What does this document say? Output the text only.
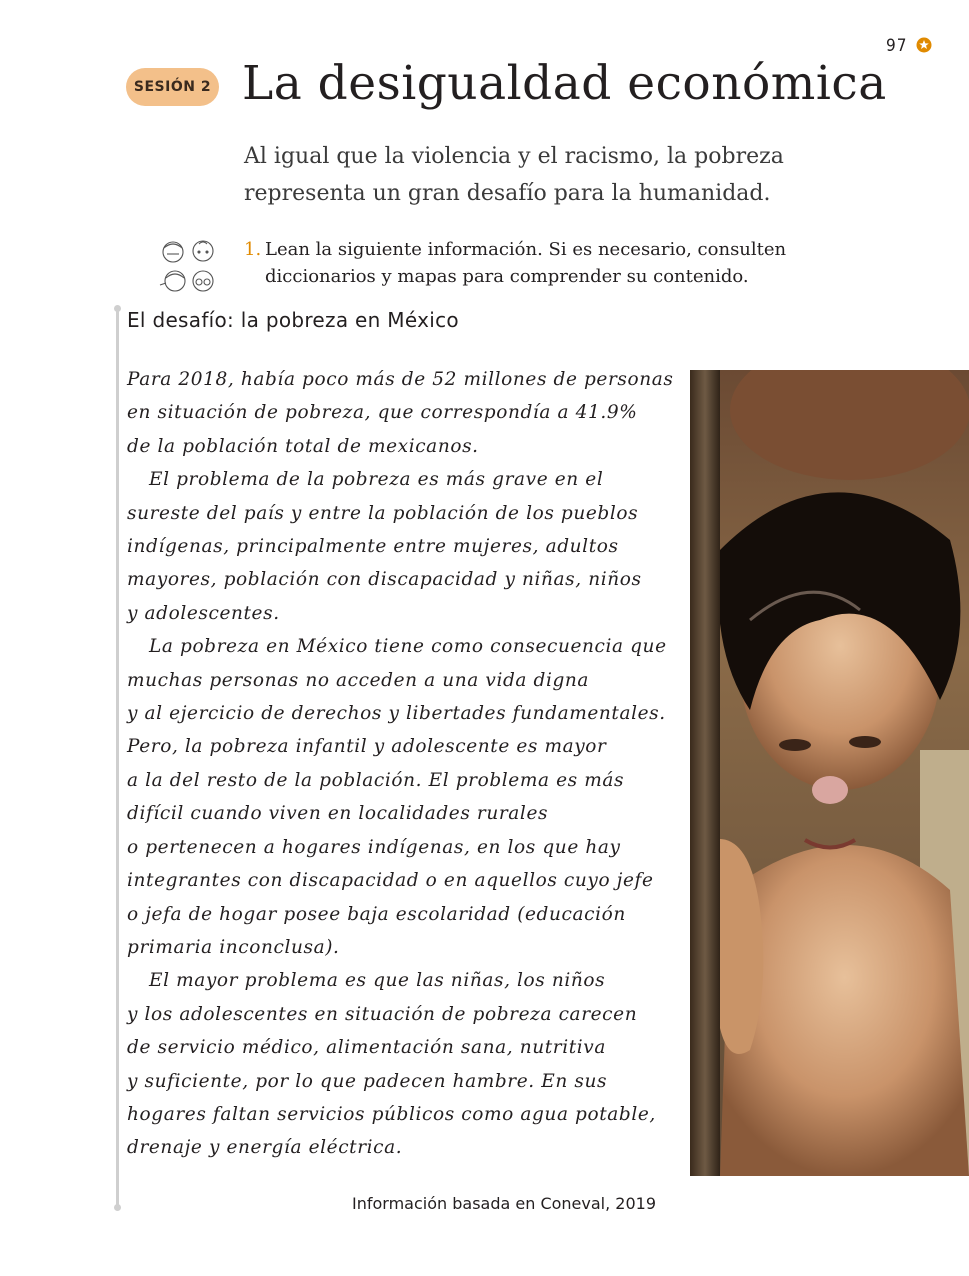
97
SESIÓN 2 La desigualdad económica
Al igual que la violencia y el racismo, la pobreza
representa un gran desafío para la humanidad.
1. Lean la siguiente información. Si es necesario, consulten
diccionarios y mapas para comprender su contenido.
El desafío: la pobreza en México
Para 2018, había poco más de 52 millones de personas
en situación de pobreza, que correspondía a 41.9%
de la población total de mexicanos.
El problema de la pobreza es más grave en el
sureste del país y entre la población de los pueblos
indígenas, principalmente entre mujeres, adultos
mayores, población con discapacidad y niñas, niños
y adolescentes.
La pobreza en México tiene como consecuencia que
muchas personas no acceden a una vida digna
y al ejercicio de derechos y libertades fundamentales.
Pero, la pobreza infantil y adolescente es mayor
a la del resto de la población. El problema es más
difícil cuando viven en localidades rurales
o pertenecen a hogares indígenas, en los que hay
integrantes con discapacidad o en aquellos cuyo jefe
o jefa de hogar posee baja escolaridad (educación
primaria inconclusa).
El mayor problema es que las niñas, los niños
y los adolescentes en situación de pobreza carecen
de servicio médico, alimentación sana, nutritiva
y suficiente, por lo que padecen hambre. En sus
hogares faltan servicios públicos como agua potable,
drenaje y energía eléctrica.
Información basada en Coneval, 2019
